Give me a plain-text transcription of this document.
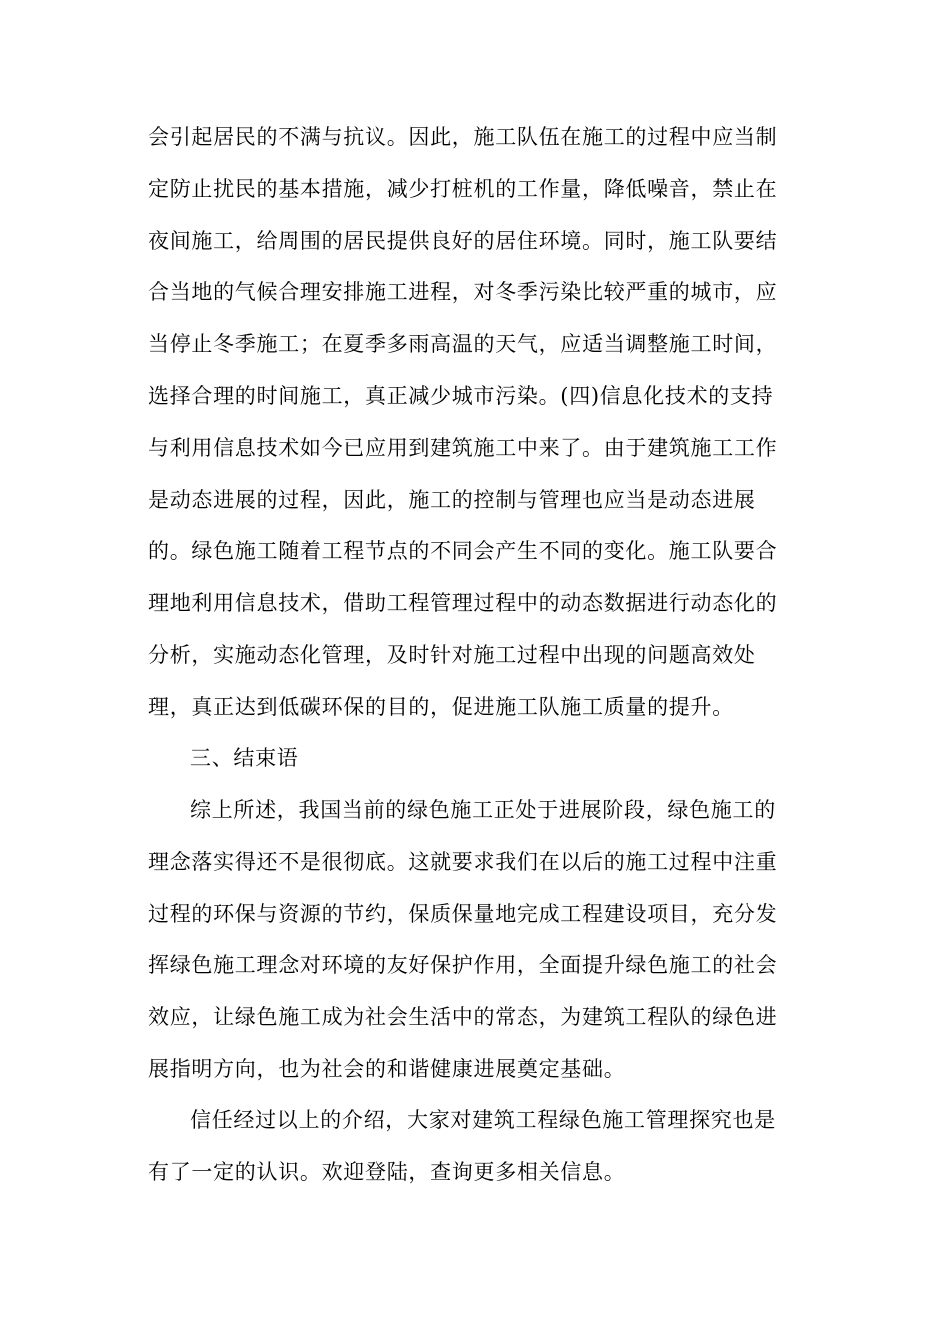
会引起居民的不满与抗议。因此，施工队伍在施工的过程中应当制
定防止扰民的基本措施，减少打桩机的工作量，降低噪音，禁止在
夜间施工，给周围的居民提供良好的居住环境。同时，施工队要结
合当地的气候合理安排施工进程，对冬季污染比较严重的城市，应
当停止冬季施工；在夏季多雨高温的天气，应适当调整施工时间，
选择合理的时间施工，真正减少城市污染。(四)信息化技术的支持
与利用信息技术如今已应用到建筑施工中来了。由于建筑施工工作
是动态进展的过程，因此，施工的控制与管理也应当是动态进展
的。绿色施工随着工程节点的不同会产生不同的变化。施工队要合
理地利用信息技术，借助工程管理过程中的动态数据进行动态化的
分析，实施动态化管理，及时针对施工过程中出现的问题高效处
理，真正达到低碳环保的目的，促进施工队施工质量的提升。

三、结束语

综上所述，我国当前的绿色施工正处于进展阶段，绿色施工的
理念落实得还不是很彻底。这就要求我们在以后的施工过程中注重
过程的环保与资源的节约，保质保量地完成工程建设项目，充分发
挥绿色施工理念对环境的友好保护作用，全面提升绿色施工的社会
效应，让绿色施工成为社会生活中的常态，为建筑工程队的绿色进
展指明方向，也为社会的和谐健康进展奠定基础。

信任经过以上的介绍，大家对建筑工程绿色施工管理探究也是
有了一定的认识。欢迎登陆，查询更多相关信息。
